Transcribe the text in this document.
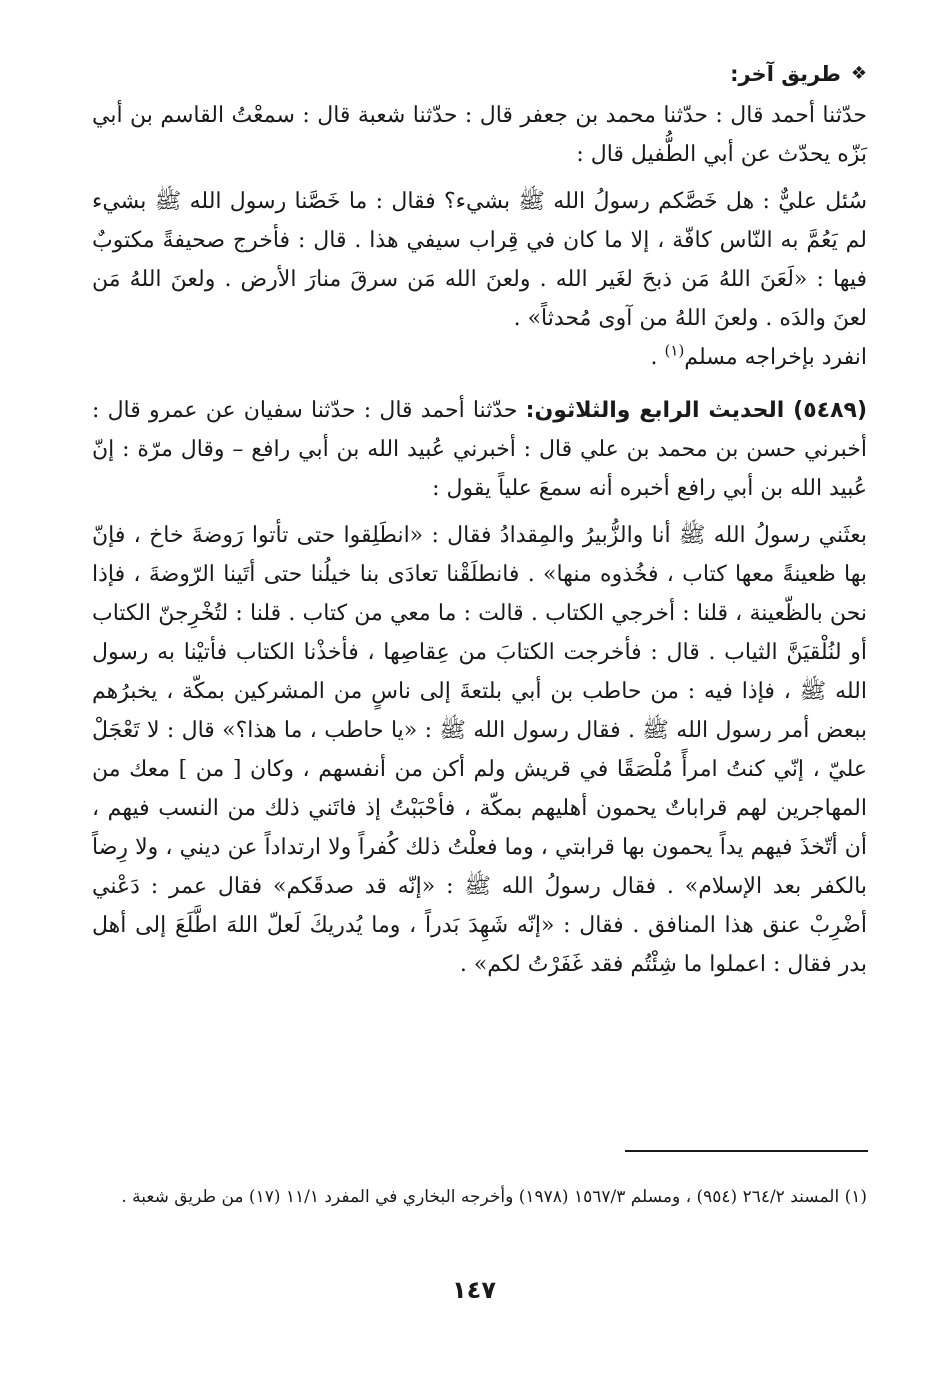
❖
طريق آخر:

حدّثنا أحمد قال : حدّثنا محمد بن جعفر قال : حدّثنا شعبة قال : سمعْتُ القاسم بن أبي بَزّه يحدّث عن أبي الطُّفيل قال :

سُئل عليٌّ : هل خَصَّكم رسولُ الله ﷺ بشيء؟ فقال : ما خَصَّنا رسول الله ﷺ بشيء لم يَعُمَّ به النّاس كافّة ، إلا ما كان في قِراب سيفي هذا . قال : فأخرج صحيفةً مكتوبٌ فيها : «لَعَنَ اللهُ مَن ذبحَ لغَير الله . ولعنَ الله مَن سرقَ منارَ الأرض . ولعنَ اللهُ مَن لعنَ والدَه . ولعنَ اللهُ من آوى مُحدثاً» .

انفرد بإخراجه مسلم$^{(١)}$ .

(٥٤٨٩) الحديث الرابع والثلاثون: حدّثنا أحمد قال : حدّثنا سفيان عن عمرو قال : أخبرني حسن بن محمد بن علي قال : أخبرني عُبيد الله بن أبي رافع – وقال مرّة : إنّ عُبيد الله بن أبي رافع أخبره أنه سمعَ علياً يقول :

بعثَني رسولُ الله ﷺ أنا والزُّبيرُ والمِقدادُ فقال : «انطَلِقوا حتى تأتوا رَوضةَ خاخ ، فإنّ بها ظعينةً معها كتاب ، فخُذوه منها» . فانطلَقْنا تعادَى بنا خيلُنا حتى أتَينا الرّوضةَ ، فإذا نحن بالظّعينة ، قلنا : أخرجي الكتاب . قالت : ما معي من كتاب . قلنا : لتُخْرِجنّ الكتاب أو لنُلْقيَنَّ الثياب . قال : فأخرجت الكتابَ من عِقاصِها ، فأخذْنا الكتاب فأتيْنا به رسول الله ﷺ ، فإذا فيه : من حاطب بن أبي بلتعةَ إلى ناسٍ من المشركين بمكّة ، يخبرُهم ببعض أمر رسول الله ﷺ . فقال رسول الله ﷺ : «يا حاطب ، ما هذا؟» قال : لا تَعْجَلْ عليّ ، إنّي كنتُ امرأً مُلْصَقًا في قريش ولم أكن من أنفسهم ، وكان [ من ] معك من المهاجرين لهم قراباتٌ يحمون أهليهم بمكّة ، فأحْبَبْتُ إذ فاتَني ذلك من النسب فيهم ، أن أتّخذَ فيهم يداً يحمون بها قرابتي ، وما فعلْتُ ذلك كُفراً ولا ارتداداً عن ديني ، ولا رِضاً بالكفر بعد الإسلام» . فقال رسولُ الله ﷺ : «إنّه قد صدقَكم» فقال عمر : دَعْني أضْرِبْ عنق هذا المنافق . فقال : «إنّه شَهِدَ بَدراً ، وما يُدريكَ لَعلّ اللهَ اطَّلَعَ إلى أهل بدر فقال : اعملوا ما شِئْتُم فقد غَفَرْتُ لكم» .

(١) المسند ٢٦٤/٢ (٩٥٤) ، ومسلم ١٥٦٧/٣ (١٩٧٨) وأخرجه البخاري في المفرد ١١/١ (١٧) من طريق شعبة .

١٤٧
